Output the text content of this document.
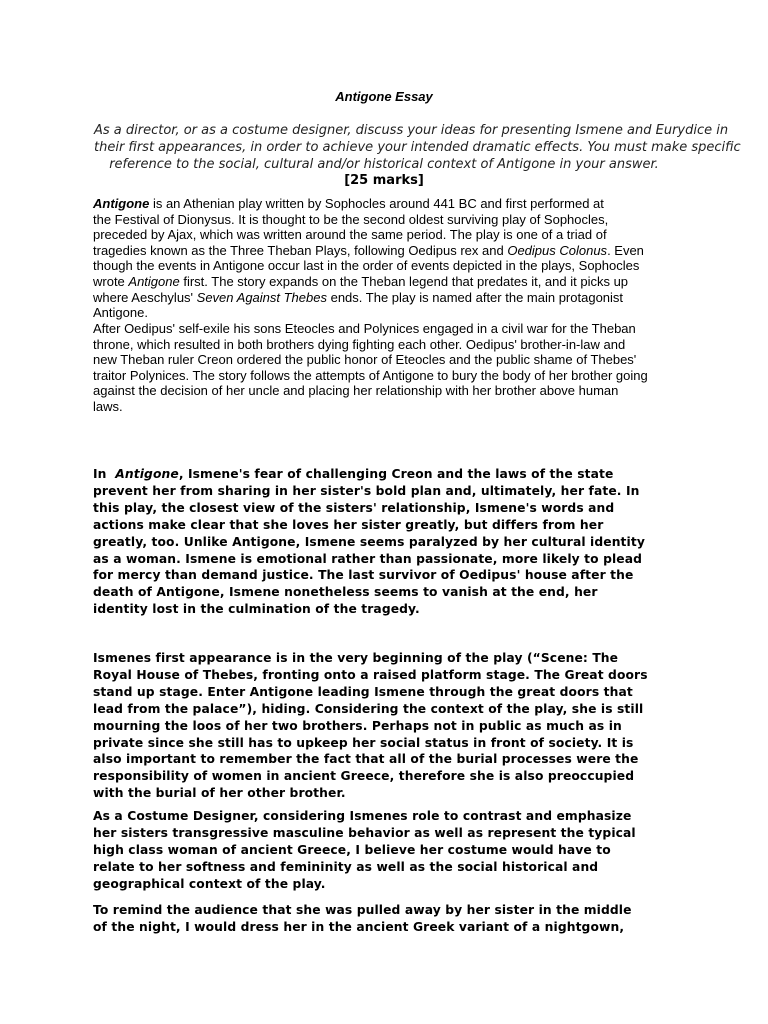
Antigone Essay
As a director, or as a costume designer, discuss your ideas for presenting Ismene and Eurydice in
their first appearances, in order to achieve your intended dramatic effects. You must make specific
reference to the social, cultural and/or historical context of Antigone in your answer.
[25 marks]
Antigone is an Athenian play written by Sophocles around 441 BC and first performed at
the Festival of Dionysus. It is thought to be the second oldest surviving play of Sophocles,
preceded by Ajax, which was written around the same period. The play is one of a triad of
tragedies known as the Three Theban Plays, following Oedipus rex and Oedipus Colonus. Even
though the events in Antigone occur last in the order of events depicted in the plays, Sophocles
wrote Antigone first. The story expands on the Theban legend that predates it, and it picks up
where Aeschylus' Seven Against Thebes ends. The play is named after the main protagonist
Antigone.
After Oedipus' self-exile his sons Eteocles and Polynices engaged in a civil war for the Theban
throne, which resulted in both brothers dying fighting each other. Oedipus' brother-in-law and
new Theban ruler Creon ordered the public honor of Eteocles and the public shame of Thebes'
traitor Polynices. The story follows the attempts of Antigone to bury the body of her brother going
against the decision of her uncle and placing her relationship with her brother above human
laws.
In  Antigone, Ismene's fear of challenging Creon and the laws of the state
prevent her from sharing in her sister's bold plan and, ultimately, her fate. In
this play, the closest view of the sisters' relationship, Ismene's words and
actions make clear that she loves her sister greatly, but differs from her
greatly, too. Unlike Antigone, Ismene seems paralyzed by her cultural identity
as a woman. Ismene is emotional rather than passionate, more likely to plead
for mercy than demand justice. The last survivor of Oedipus' house after the
death of Antigone, Ismene nonetheless seems to vanish at the end, her
identity lost in the culmination of the tragedy.
Ismenes first appearance is in the very beginning of the play (“Scene: The
Royal House of Thebes, fronting onto a raised platform stage. The Great doors
stand up stage. Enter Antigone leading Ismene through the great doors that
lead from the palace”), hiding. Considering the context of the play, she is still
mourning the loos of her two brothers. Perhaps not in public as much as in
private since she still has to upkeep her social status in front of society. It is
also important to remember the fact that all of the burial processes were the
responsibility of women in ancient Greece, therefore she is also preoccupied
with the burial of her other brother.
As a Costume Designer, considering Ismenes role to contrast and emphasize
her sisters transgressive masculine behavior as well as represent the typical
high class woman of ancient Greece, I believe her costume would have to
relate to her softness and femininity as well as the social historical and
geographical context of the play.
To remind the audience that she was pulled away by her sister in the middle
of the night, I would dress her in the ancient Greek variant of a nightgown,
